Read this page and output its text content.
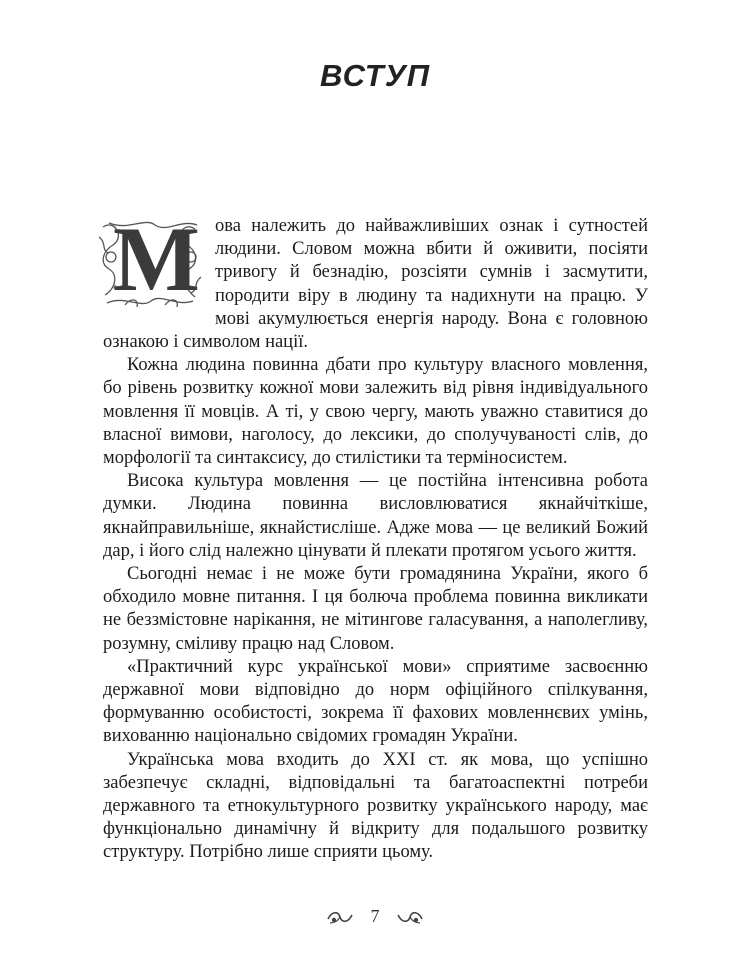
ВСТУП

М ова належить до найважливіших ознак і сутностей людини. Словом можна вбити й оживити, посіяти тривогу й безнадію, розсіяти сумнів і засмутити, породити віру в людину та надихнути на працю. У мові акумулюється енергія народу. Вона є головною ознакою і символом нації.

Кожна людина повинна дбати про культуру власного мовлення, бо рівень розвитку кожної мови залежить від рівня індивідуального мовлення її мовців. А ті, у свою чергу, мають уважно ставитися до власної вимови, наголосу, до лексики, до сполучуваності слів, до морфології та синтаксису, до стилістики та терміносистем.

Висока культура мовлення — це постійна інтенсивна робота думки. Людина повинна висловлюватися якнайчіткіше, якнайправильніше, якнайстисліше. Адже мова — це великий Божий дар, і його слід належно цінувати й плекати протягом усього життя.

Сьогодні немає і не може бути громадянина України, якого б обходило мовне питання. І ця болюча проблема повинна викликати не беззмістовне нарікання, не мітингове галасування, а наполегливу, розумну, сміливу працю над Словом.

«Практичний курс української мови» сприятиме засвоєнню державної мови відповідно до норм офіційного спілкування, формуванню особистості, зокрема її фахових мовленнєвих умінь, вихованню національно свідомих громадян України.

Українська мова входить до XXI ст. як мова, що успішно забезпечує складні, відповідальні та багатоаспектні потреби державного та етнокультурного розвитку українського народу, має функціонально динамічну й відкриту для подальшого розвитку структуру. Потрібно лише сприяти цьому.

7
